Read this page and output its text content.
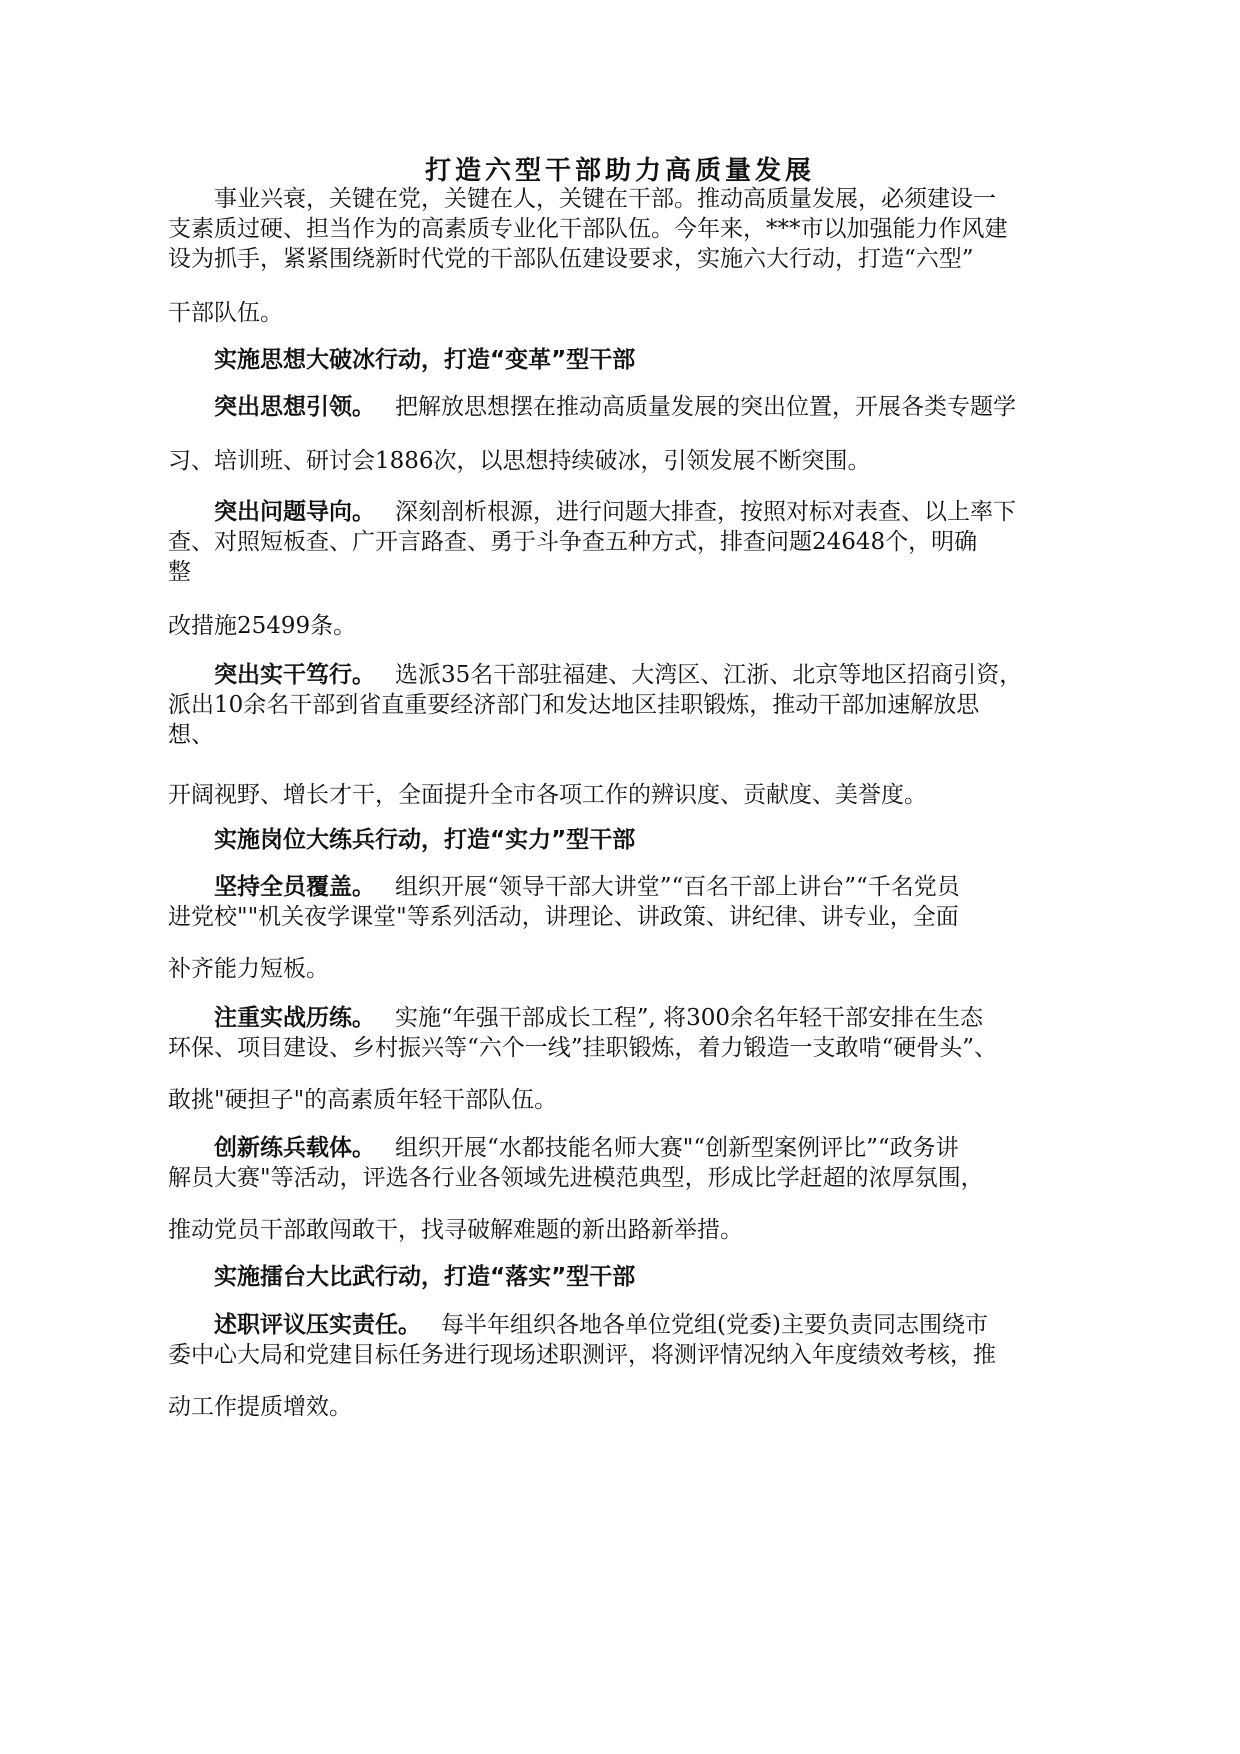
打造六型干部助力高质量发展
事业兴衰，关键在党，关键在人，关键在干部。推动高质量发展，必须建设一
支素质过硬、担当作为的高素质专业化干部队伍。今年来，***市以加强能力作风建
设为抓手，紧紧围绕新时代党的干部队伍建设要求，实施六大行动，打造“六型”
干部队伍。
实施思想大破冰行动，打造“变革”型干部
突出思想引领。 把解放思想摆在推动高质量发展的突出位置，开展各类专题学
习、培训班、研讨会1886次，以思想持续破冰，引领发展不断突围。
突出问题导向。 深刻剖析根源，进行问题大排查，按照对标对表查、以上率下
查、对照短板查、广开言路查、勇于斗争查五种方式，排查问题24648个，明确
整
改措施25499条。
突出实干笃行。 选派35名干部驻福建、大湾区、江浙、北京等地区招商引资，
派出10余名干部到省直重要经济部门和发达地区挂职锻炼，推动干部加速解放思
想、
开阔视野、增长才干，全面提升全市各项工作的辨识度、贡献度、美誉度。
实施岗位大练兵行动，打造“实力”型干部
坚持全员覆盖。 组织开展“领导干部大讲堂”“百名干部上讲台”“千名党员
进党校""机关夜学课堂"等系列活动，讲理论、讲政策、讲纪律、讲专业，全面
补齐能力短板。
注重实战历练。 实施“年强干部成长工程”, 将300余名年轻干部安排在生态
环保、项目建设、乡村振兴等“六个一线”挂职锻炼，着力锻造一支敢啃“硬骨头”、
敢挑"硬担子"的高素质年轻干部队伍。
创新练兵载体。 组织开展“水都技能名师大赛"“创新型案例评比”“政务讲
解员大赛"等活动，评选各行业各领域先进模范典型，形成比学赶超的浓厚氛围，
推动党员干部敢闯敢干，找寻破解难题的新出路新举措。
实施擂台大比武行动，打造“落实”型干部
述职评议压实责任。 每半年组织各地各单位党组(党委)主要负责同志围绕市
委中心大局和党建目标任务进行现场述职测评，将测评情况纳入年度绩效考核，推
动工作提质增效。
